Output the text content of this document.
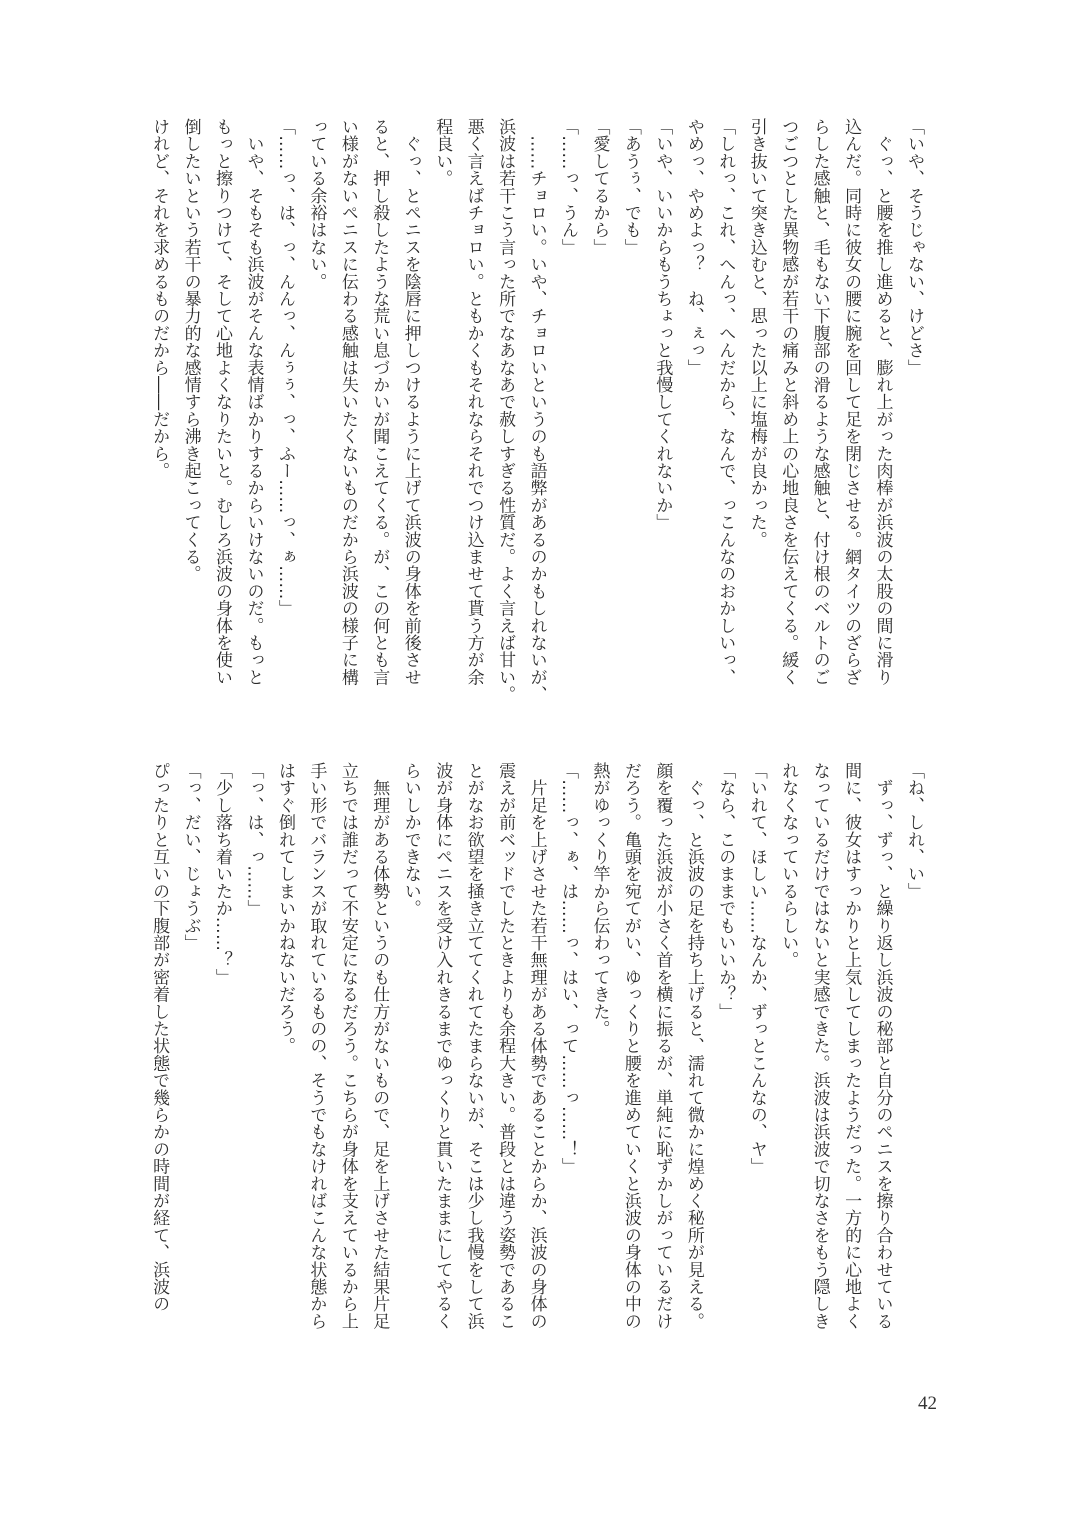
「いや、そうじゃない、けどさ」

　ぐっ、と腰を推し進めると、膨れ上がった肉棒が浜波の太股の間に滑り

込んだ。同時に彼女の腰に腕を回して足を閉じさせる。網タイツのざらざ

らした感触と、毛もない下腹部の滑るような感触と、付け根のベルトのご

つごつとした異物感が若干の痛みと斜め上の心地良さを伝えてくる。緩く

引き抜いて突き込むと、思った以上に塩梅が良かった。

「しれっ、これ、へんっ、へんだから、なんで、っこんなのおかしいっ、

やめっ、やめよっ？　ね、ぇっ」

「いや、いいからもうちょっと我慢してくれないか」

「あうぅ、でも」

「愛してるから」

「……っ、うん」

　……チョロい。いや、チョロいというのも語弊があるのかもしれないが、

浜波は若干こう言った所でなあなあで赦しすぎる性質だ。よく言えば甘い。

悪く言えばチョロい。ともかくもそれならそれでつけ込ませて貰う方が余

程良い。

　ぐっ、とペニスを陰唇に押しつけるように上げて浜波の身体を前後させ

ると、押し殺したような荒い息づかいが聞こえてくる。が、この何とも言

い様がないペニスに伝わる感触は失いたくないものだから浜波の様子に構

っている余裕はない。

「……っ、は、っ、んんっ、んぅぅ、っ、ふー……っ、ぁ……」

　いや、そもそも浜波がそんな表情ばかりするからいけないのだ。もっと

もっと擦りつけて、そして心地よくなりたいと。むしろ浜波の身体を使い

倒したいという若干の暴力的な感情すら沸き起こってくる。

けれど、それを求めるものだから――だから。

「ね、しれ、い」

　ずっ、ずっ、と繰り返し浜波の秘部と自分のペニスを擦り合わせている

間に、彼女はすっかりと上気してしまったようだった。一方的に心地よく

なっているだけではないと実感できた。浜波は浜波で切なさをもう隠しき

れなくなっているらしい。

「いれて、ほしい……なんか、ずっとこんなの、ヤ」

「なら、このままでもいいか？」

　ぐっ、と浜波の足を持ち上げると、濡れて微かに煌めく秘所が見える。

顔を覆った浜波が小さく首を横に振るが、単純に恥ずかしがっているだけ

だろう。亀頭を宛てがい、ゆっくりと腰を進めていくと浜波の身体の中の

熱がゆっくり竿から伝わってきた。

「……っ、ぁ、は……っ、はい、って……っ……！」

　片足を上げさせた若干無理がある体勢であることからか、浜波の身体の

震えが前ベッドでしたときよりも余程大きい。普段とは違う姿勢であるこ

とがなお欲望を掻き立ててくれてたまらないが、そこは少し我慢をして浜

波が身体にペニスを受け入れきるまでゆっくりと貫いたままにしてやるく

らいしかできない。

　無理がある体勢というのも仕方がないもので、足を上げさせた結果片足

立ちでは誰だって不安定になるだろう。こちらが身体を支えているから上

手い形でバランスが取れているものの、そうでもなければこんな状態から

はすぐ倒れてしまいかねないだろう。

「っ、は、っ……」

「少し落ち着いたか……？」

「っ、だい、じょうぶ」

ぴったりと互いの下腹部が密着した状態で幾らかの時間が経て、浜波の

42
